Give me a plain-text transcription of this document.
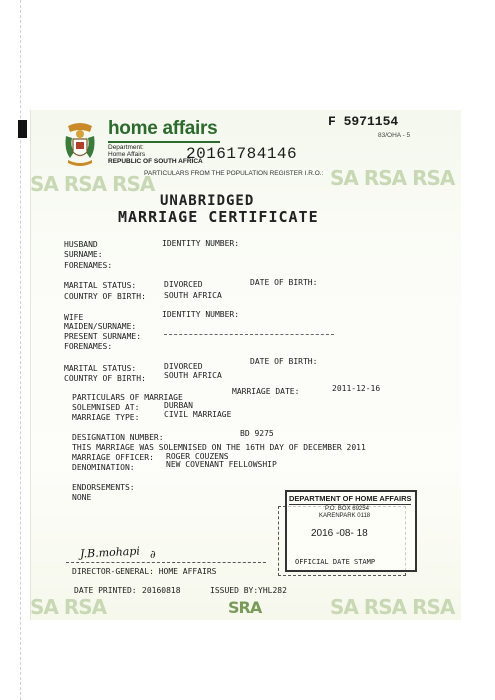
SA RSA RSA	SA RSA RSA
SA RSA	SA RSA RSA
SRA
home affairs
Department:
Home Affairs
REPUBLIC OF SOUTH AFRICA
F 5971154
83/OHA - 5
20161784146
PARTICULARS FROM THE POPULATION REGISTER I.R.O.:
UNABRIDGED
MARRIAGE CERTIFICATE
HUSBAND	IDENTITY NUMBER:
SURNAME:
FORENAMES:
MARITAL STATUS:	DIVORCED	DATE OF BIRTH:
COUNTRY OF BIRTH: SOUTH AFRICA
WIFE	IDENTITY NUMBER:
MAIDEN/SURNAME:
PRESENT SURNAME:
FORENAMES:
MARITAL STATUS:	DIVORCED
DATE OF BIRTH:
COUNTRY OF BIRTH: SOUTH AFRICA
PARTICULARS OF MARRIAGE
MARRIAGE DATE:	2011-12-16
SOLEMNISED AT:	DURBAN
MARRIAGE TYPE:	CIVIL MARRIAGE
DESIGNATION NUMBER:	BD 9275
THIS MARRIAGE WAS SOLEMNISED ON THE 16TH DAY OF DECEMBER 2011
MARRIAGE OFFICER: ROGER COUZENS
DENOMINATION:	NEW COVENANT FELLOWSHIP
ENDORSEMENTS:
NONE	DEPARTMENT OF HOME AFFAIRS
P.O. BOX 69254
KARENPARK 0118
2016 -08- 18
OFFICIAL DATE STAMP
J.B.mohapi ∂
DIRECTOR-GENERAL: HOME AFFAIRS
DATE PRINTED: 20160818	ISSUED BY: YHL282
